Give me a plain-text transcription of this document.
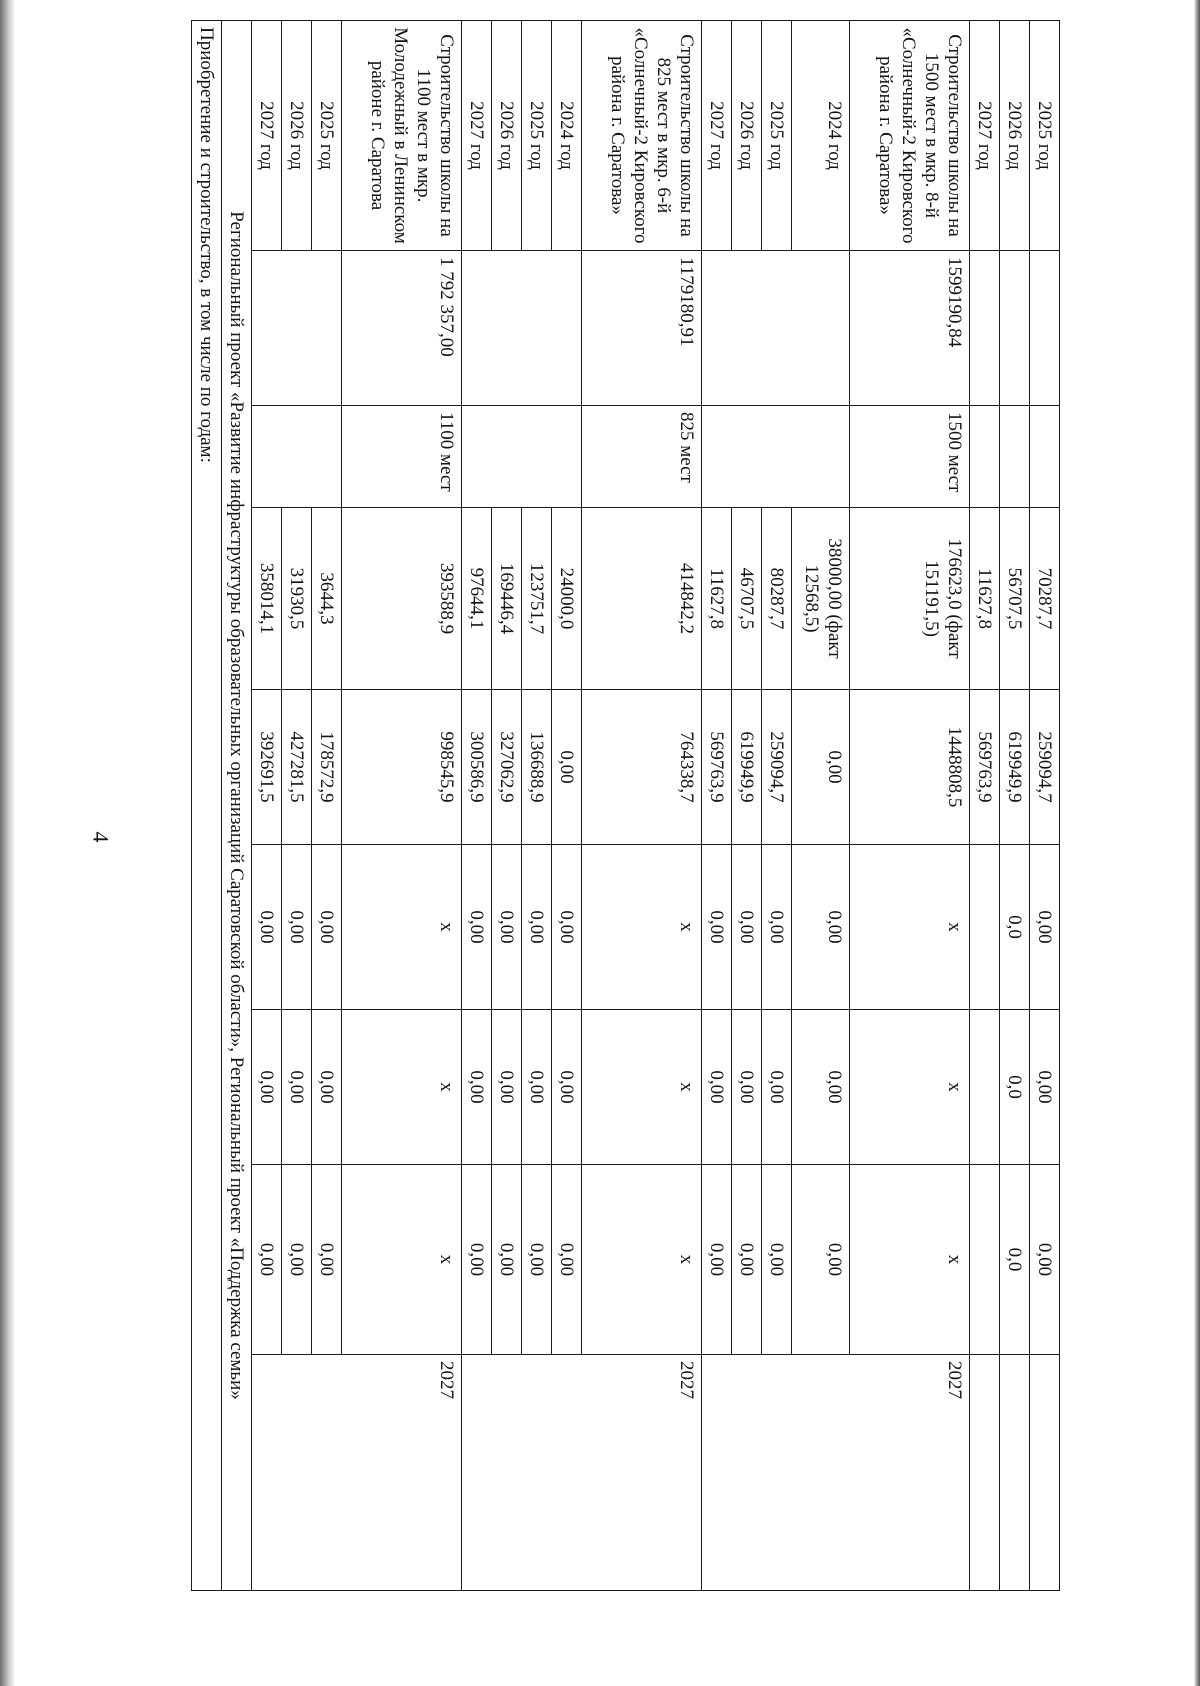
4
2025 год			70287,7	259094,7	0,00	0,00	0,00	
2026 год			56707,5	619949,9	0,0	0,0	0,0	
2027 год			11627,8	569763,9				
Строительство школы на 1500 мест в мкр. 8-й «Солнечный-2 Кировского района г. Саратова»	1599190,84	1500 мест	176623,0 (факт 151191,5)	1448808,5	x	x	x	2027
2024 год			38000,00 (факт 12568,5)	0,00	0,00	0,00	0,00	
2025 год			80287,7	259094,7	0,00	0,00	0,00	
2026 год			46707,5	619949,9	0,00	0,00	0,00	
2027 год			11627,8	569763,9	0,00	0,00	0,00	
Строительство школы на 825 мест в мкр. 6-й «Солнечный-2 Кировского района г. Саратова»	1179180,91	825 мест	414842,2	764338,7	x	x	x	2027
2024 год			24000,0	0,00	0,00	0,00	0,00	
2025 год			123751,7	136688,9	0,00	0,00	0,00	
2026 год			169446,4	327062,9	0,00	0,00	0,00	
2027 год			97644,1	300586,9	0,00	0,00	0,00	
Строительство школы на 1100 мест в мкр. Молодежный в Ленинском районе г. Саратова	1 792 357,00	1100 мест	393588,9	998545,9	x	x	x	2027
2025 год			3644,3	178572,9	0,00	0,00	0,00	
2026 год			31930,5	427281,5	0,00	0,00	0,00	
2027 год			358014,1	392691,5	0,00	0,00	0,00	
Региональный проект «Развитие инфраструктуры образовательных организаций Саратовской области», Региональный проект «Поддержка семьи»								
Приобретение и строительство, в том числе по годам:								
